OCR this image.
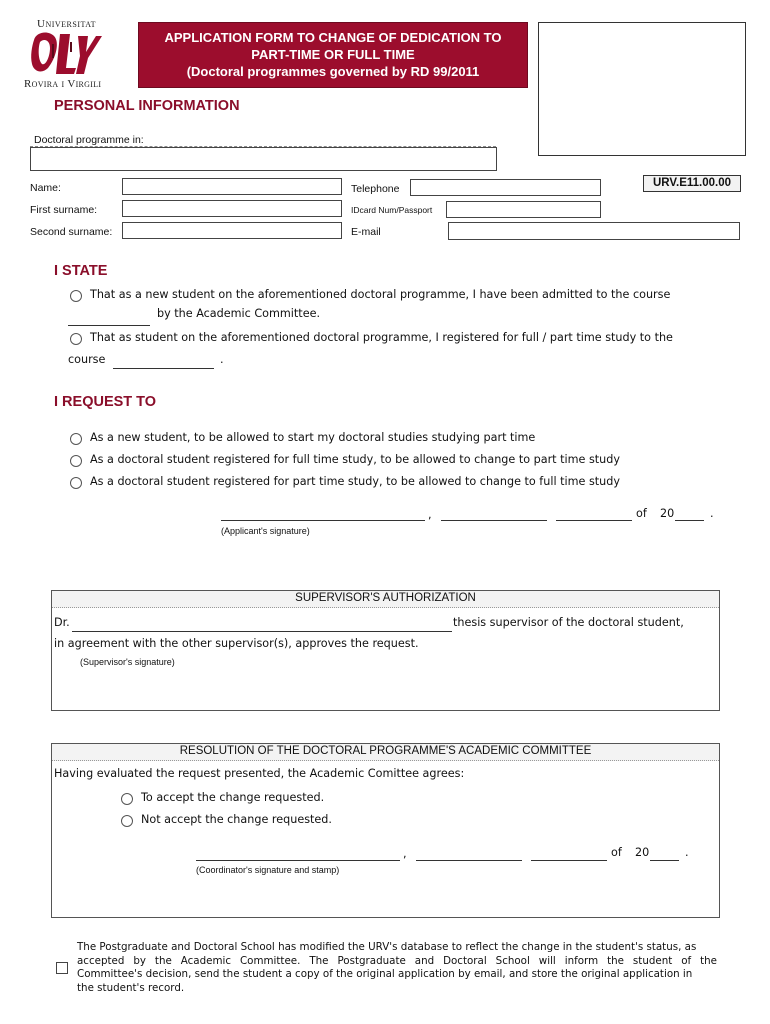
Universitat
Rovira i Virgili
APPLICATION FORM TO CHANGE OF DEDICATION TO
PART-TIME OR FULL TIME
(Doctoral programmes governed by RD 99/2011
URV.E11.00.00
PERSONAL INFORMATION
Doctoral programme in:
Name:	Telephone
First surname:	IDcard Num/Passport
Second surname:	E-mail
I STATE
That as a new student on the aforementioned doctoral programme, I have been admitted to the course
by the Academic Committee.
That as student on the aforementioned doctoral programme, I registered for full / part time study to the
course	.
I REQUEST TO
As a new student, to be allowed to start my doctoral studies studying part time
As a doctoral student registered for full time study, to be allowed to change to part time study
As a doctoral student registered for part time study, to be allowed to change to full time study
,	of 20	.
(Applicant's signature)
SUPERVISOR'S AUTHORIZATION
Dr.	thesis supervisor of the doctoral student,
in agreement with the other supervisor(s), approves the request.
(Supervisor's signature)
RESOLUTION OF THE DOCTORAL PROGRAMME'S ACADEMIC COMMITTEE
Having evaluated the request presented, the Academic Comittee agrees:
To accept the change requested.
Not accept the change requested.
,	of 20	.
(Coordinator's signature and stamp)
The Postgraduate and Doctoral School has modified the URV's database to reflect the change in the student's status, as
accepted by the Academic Committee. The Postgraduate and Doctoral School will inform the student of the
Committee's decision, send the student a copy of the original application by email, and store the original application in
the student's record.
